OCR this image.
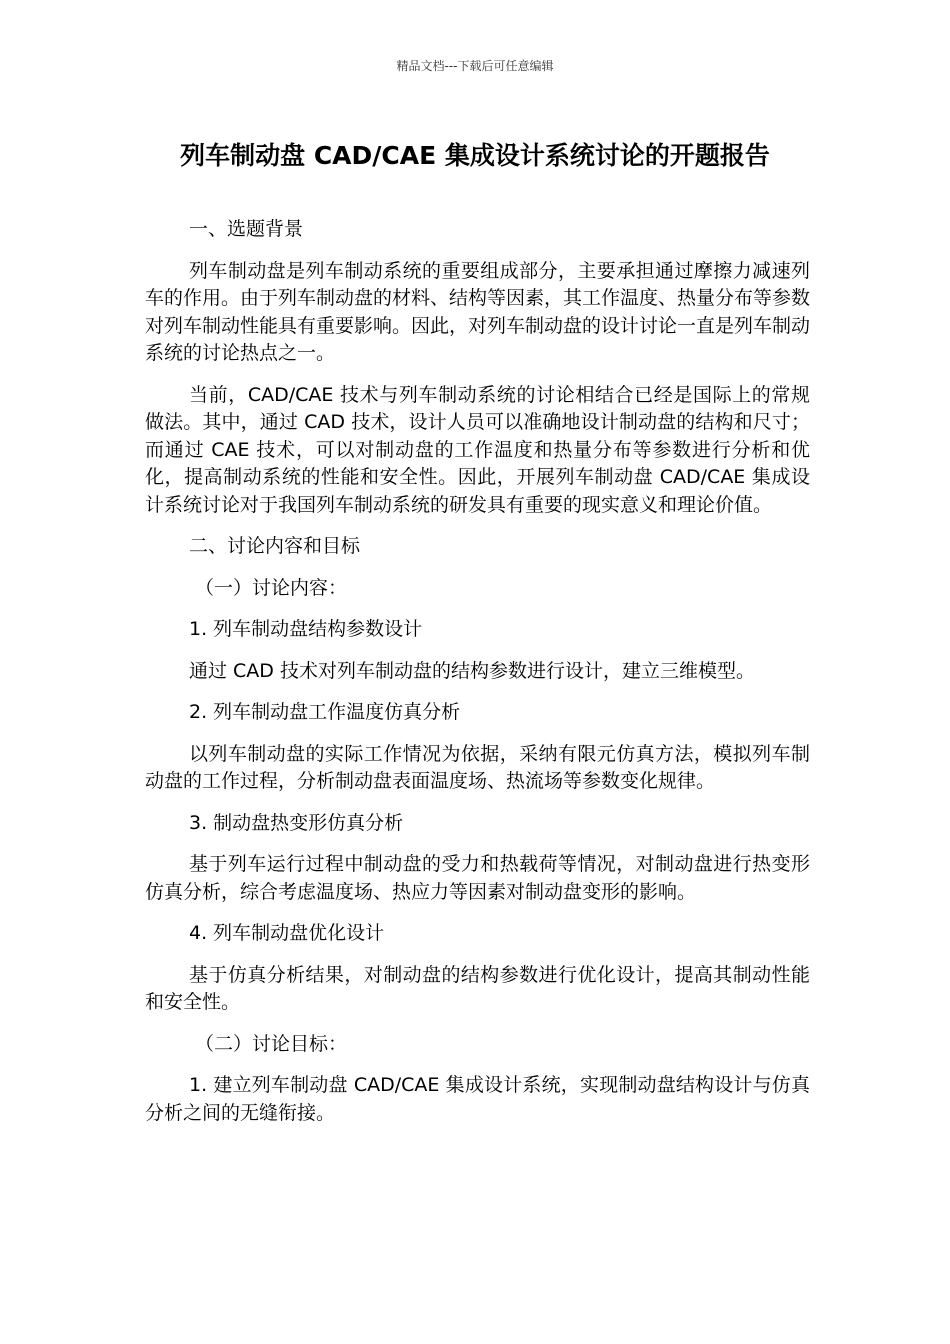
精品文档---下载后可任意编辑
列车制动盘 CAD/CAE 集成设计系统讨论的开题报告

一、选题背景

列车制动盘是列车制动系统的重要组成部分，主要承担通过摩擦力减速列车的作用。由于列车制动盘的材料、结构等因素，其工作温度、热量分布等参数对列车制动性能具有重要影响。因此，对列车制动盘的设计讨论一直是列车制动系统的讨论热点之一。

当前，CAD/CAE 技术与列车制动系统的讨论相结合已经是国际上的常规做法。其中，通过 CAD 技术，设计人员可以准确地设计制动盘的结构和尺寸；而通过 CAE 技术，可以对制动盘的工作温度和热量分布等参数进行分析和优化，提高制动系统的性能和安全性。因此，开展列车制动盘 CAD/CAE 集成设计系统讨论对于我国列车制动系统的研发具有重要的现实意义和理论价值。

二、讨论内容和目标

（一）讨论内容：

1. 列车制动盘结构参数设计

通过 CAD 技术对列车制动盘的结构参数进行设计，建立三维模型。

2. 列车制动盘工作温度仿真分析

以列车制动盘的实际工作情况为依据，采纳有限元仿真方法，模拟列车制动盘的工作过程，分析制动盘表面温度场、热流场等参数变化规律。

3. 制动盘热变形仿真分析

基于列车运行过程中制动盘的受力和热载荷等情况，对制动盘进行热变形仿真分析，综合考虑温度场、热应力等因素对制动盘变形的影响。

4. 列车制动盘优化设计

基于仿真分析结果，对制动盘的结构参数进行优化设计，提高其制动性能和安全性。

（二）讨论目标：

1. 建立列车制动盘 CAD/CAE 集成设计系统，实现制动盘结构设计与仿真分析之间的无缝衔接。
